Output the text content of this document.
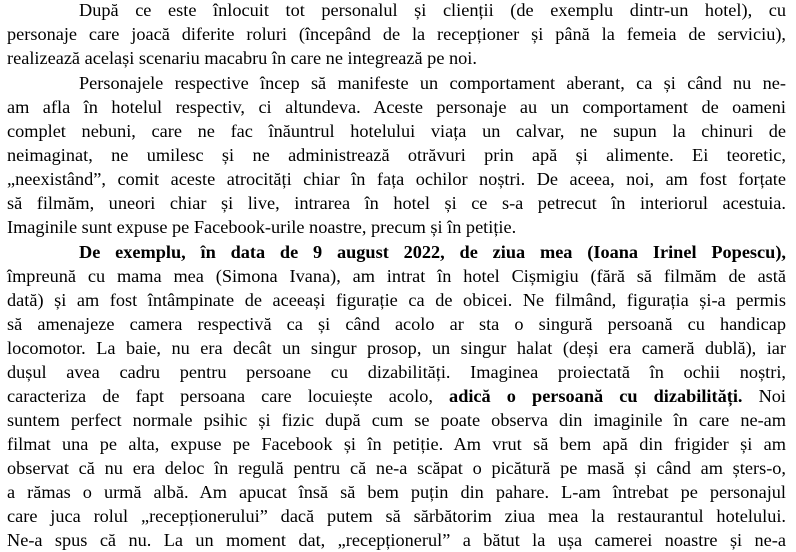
După ce este înlocuit tot personalul și clienții (de exemplu dintr-un hotel), cu
personaje care joacă diferite roluri (începând de la recepționer și până la femeia de serviciu),
realizează același scenariu macabru în care ne integrează pe noi.
Personajele respective încep să manifeste un comportament aberant, ca și când nu ne-
am afla în hotelul respectiv, ci altundeva. Aceste personaje au un comportament de oameni
complet nebuni, care ne fac înăuntrul hotelului viața un calvar, ne supun la chinuri de
neimaginat, ne umilesc și ne administrează otrăvuri prin apă și alimente. Ei teoretic,
„neexistând”, comit aceste atrocități chiar în fața ochilor noștri. De aceea, noi, am fost forțate
să filmăm, uneori chiar și live, intrarea în hotel și ce s-a petrecut în interiorul acestuia.
Imaginile sunt expuse pe Facebook-urile noastre, precum și în petiție.
De exemplu, în data de 9 august 2022, de ziua mea (Ioana Irinel Popescu),
împreună cu mama mea (Simona Ivana), am intrat în hotel Cișmigiu (fără să filmăm de astă
dată) și am fost întâmpinate de aceeași figurație ca de obicei. Ne filmând, figurația și-a permis
să amenajeze camera respectivă ca și când acolo ar sta o singură persoană cu handicap
locomotor. La baie, nu era decât un singur prosop, un singur halat (deși era cameră dublă), iar
dușul avea cadru pentru persoane cu dizabilități. Imaginea proiectată în ochii noștri,
caracteriza de fapt persoana care locuiește acolo, adică o persoană cu dizabilități. Noi
suntem perfect normale psihic și fizic după cum se poate observa din imaginile în care ne-am
filmat una pe alta, expuse pe Facebook și în petiție. Am vrut să bem apă din frigider și am
observat că nu era deloc în regulă pentru că ne-a scăpat o picătură pe masă și când am șters-o,
a rămas o urmă albă. Am apucat însă să bem puțin din pahare. L-am întrebat pe personajul
care juca rolul „recepționerului” dacă putem să sărbătorim ziua mea la restaurantul hotelului.
Ne-a spus că nu. La un moment dat, „recepționerul” a bătut la ușa camerei noastre și ne-a
